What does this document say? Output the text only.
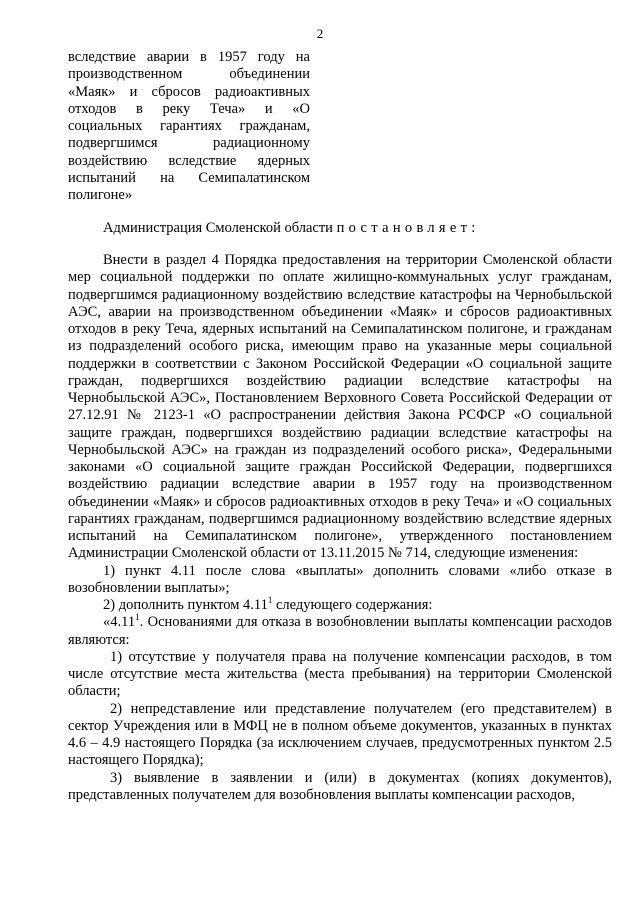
2
вследствие аварии в 1957 году на
производственном объединении
«Маяк» и сбросов радиоактивных
отходов в реку Теча» и «О
социальных гарантиях гражданам,
подвергшимся радиационному
воздействию вследствие ядерных
испытаний на Семипалатинском
полигоне»
Администрация Смоленской области постановляет:

Внести в раздел 4 Порядка предоставления на территории Смоленской области мер социальной поддержки по оплате жилищно-коммунальных услуг гражданам, подвергшимся радиационному воздействию вследствие катастрофы на Чернобыльской АЭС, аварии на производственном объединении «Маяк» и сбросов радиоактивных отходов в реку Теча, ядерных испытаний на Семипалатинском полигоне, и гражданам из подразделений особого риска, имеющим право на указанные меры социальной поддержки в соответствии с Законом Российской Федерации «О социальной защите граждан, подвергшихся воздействию радиации вследствие катастрофы на Чернобыльской АЭС», Постановлением Верховного Совета Российской Федерации от 27.12.91 № 2123-1 «О распространении действия Закона РСФСР «О социальной защите граждан, подвергшихся воздействию радиации вследствие катастрофы на Чернобыльской АЭС» на граждан из подразделений особого риска», Федеральными законами «О социальной защите граждан Российской Федерации, подвергшихся воздействию радиации вследствие аварии в 1957 году на производственном объединении «Маяк» и сбросов радиоактивных отходов в реку Теча» и «О социальных гарантиях гражданам, подвергшимся радиационному воздействию вследствие ядерных испытаний на Семипалатинском полигоне», утвержденного постановлением Администрации Смоленской области от 13.11.2015 № 714, следующие изменения:

1) пункт 4.11 после слова «выплаты» дополнить словами «либо отказе в возобновлении выплаты»;

2) дополнить пунктом 4.11$^1$ следующего содержания:

«4.11$^1$. Основаниями для отказа в возобновлении выплаты компенсации расходов являются:

1) отсутствие у получателя права на получение компенсации расходов, в том числе отсутствие места жительства (места пребывания) на территории Смоленской области;

2) непредставление или представление получателем (его представителем) в сектор Учреждения или в МФЦ не в полном объеме документов, указанных в пунктах 4.6 – 4.9 настоящего Порядка (за исключением случаев, предусмотренных пунктом 2.5 настоящего Порядка);

3) выявление в заявлении и (или) в документах (копиях документов), представленных получателем для возобновления выплаты компенсации расходов,
